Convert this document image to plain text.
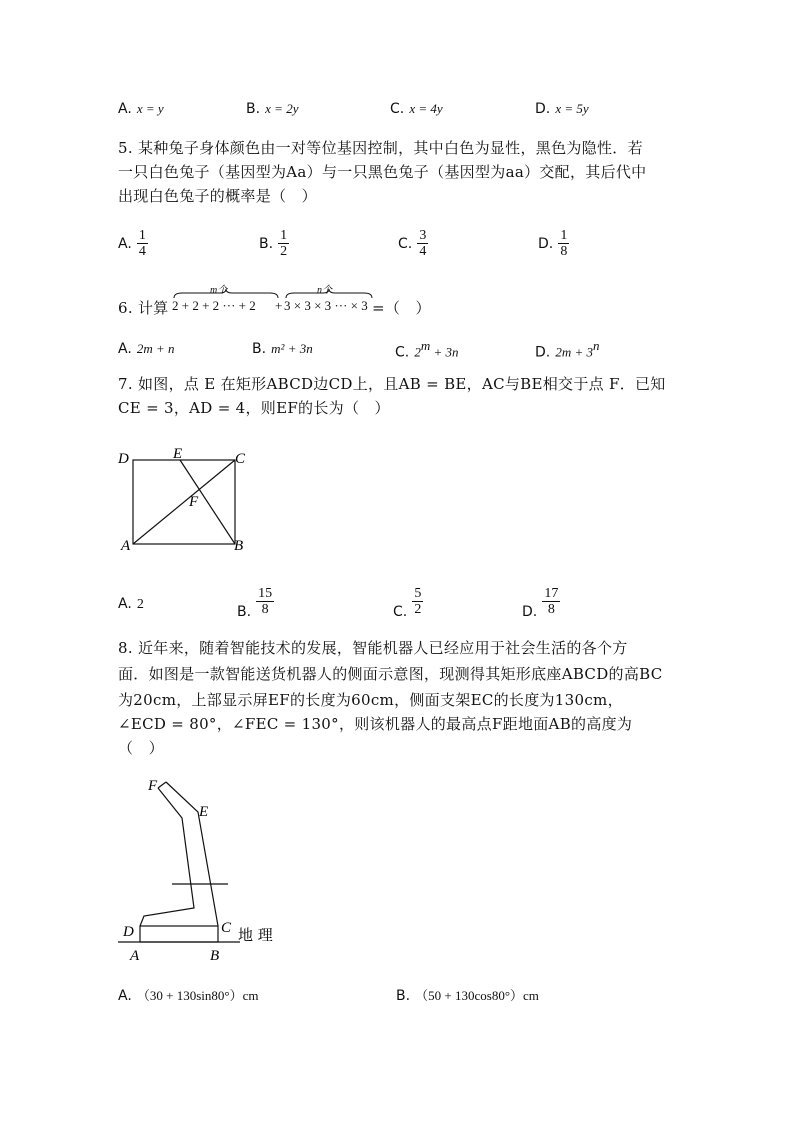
A. x = y	B. x = 2y	C. x = 4y	D. x = 5y
5. 某种兔子身体颜色由一对等位基因控制，其中白色为显性，黑色为隐性．若
一只白色兔子（基因型为Aa）与一只黑色兔子（基因型为aa）交配，其后代中
出现白色兔子的概率是（　）
A. $\frac{1}{4}$	B. $\frac{1}{2}$	C. $\frac{3}{4}$	D. $\frac{1}{8}$
6. 计算
m个
2 + 2 + 2 ··· + 2 +
n个
3 × 3 × 3 ··· × 3 =（　）
A. 2m + n	B. m² + 3n	C. $2^m + 3n$	D. $2m + 3^n$
7. 如图，点 E 在矩形ABCD边CD上，且AB = BE，AC与BE相交于点 F．已知
CE = 3，AD = 4，则EF的长为（　）
D	E	C
F
A	B
A. 2	B. $\frac{15}{8}$	C. $\frac{5}{2}$	D. $\frac{17}{8}$
8. 近年来，随着智能技术的发展，智能机器人已经应用于社会生活的各个方
面．如图是一款智能送货机器人的侧面示意图，现测得其矩形底座ABCD的高BC
为20cm，上部显示屏EF的长度为60cm，侧面支架EC的长度为130cm，
∠ECD = 80°，∠FEC = 130°，则该机器人的最高点F距地面AB的高度为
（　）
F
E
D	C
A	B
地 理
A. （30 + 130sin80°）cm	B. （50 + 130cos80°）cm
